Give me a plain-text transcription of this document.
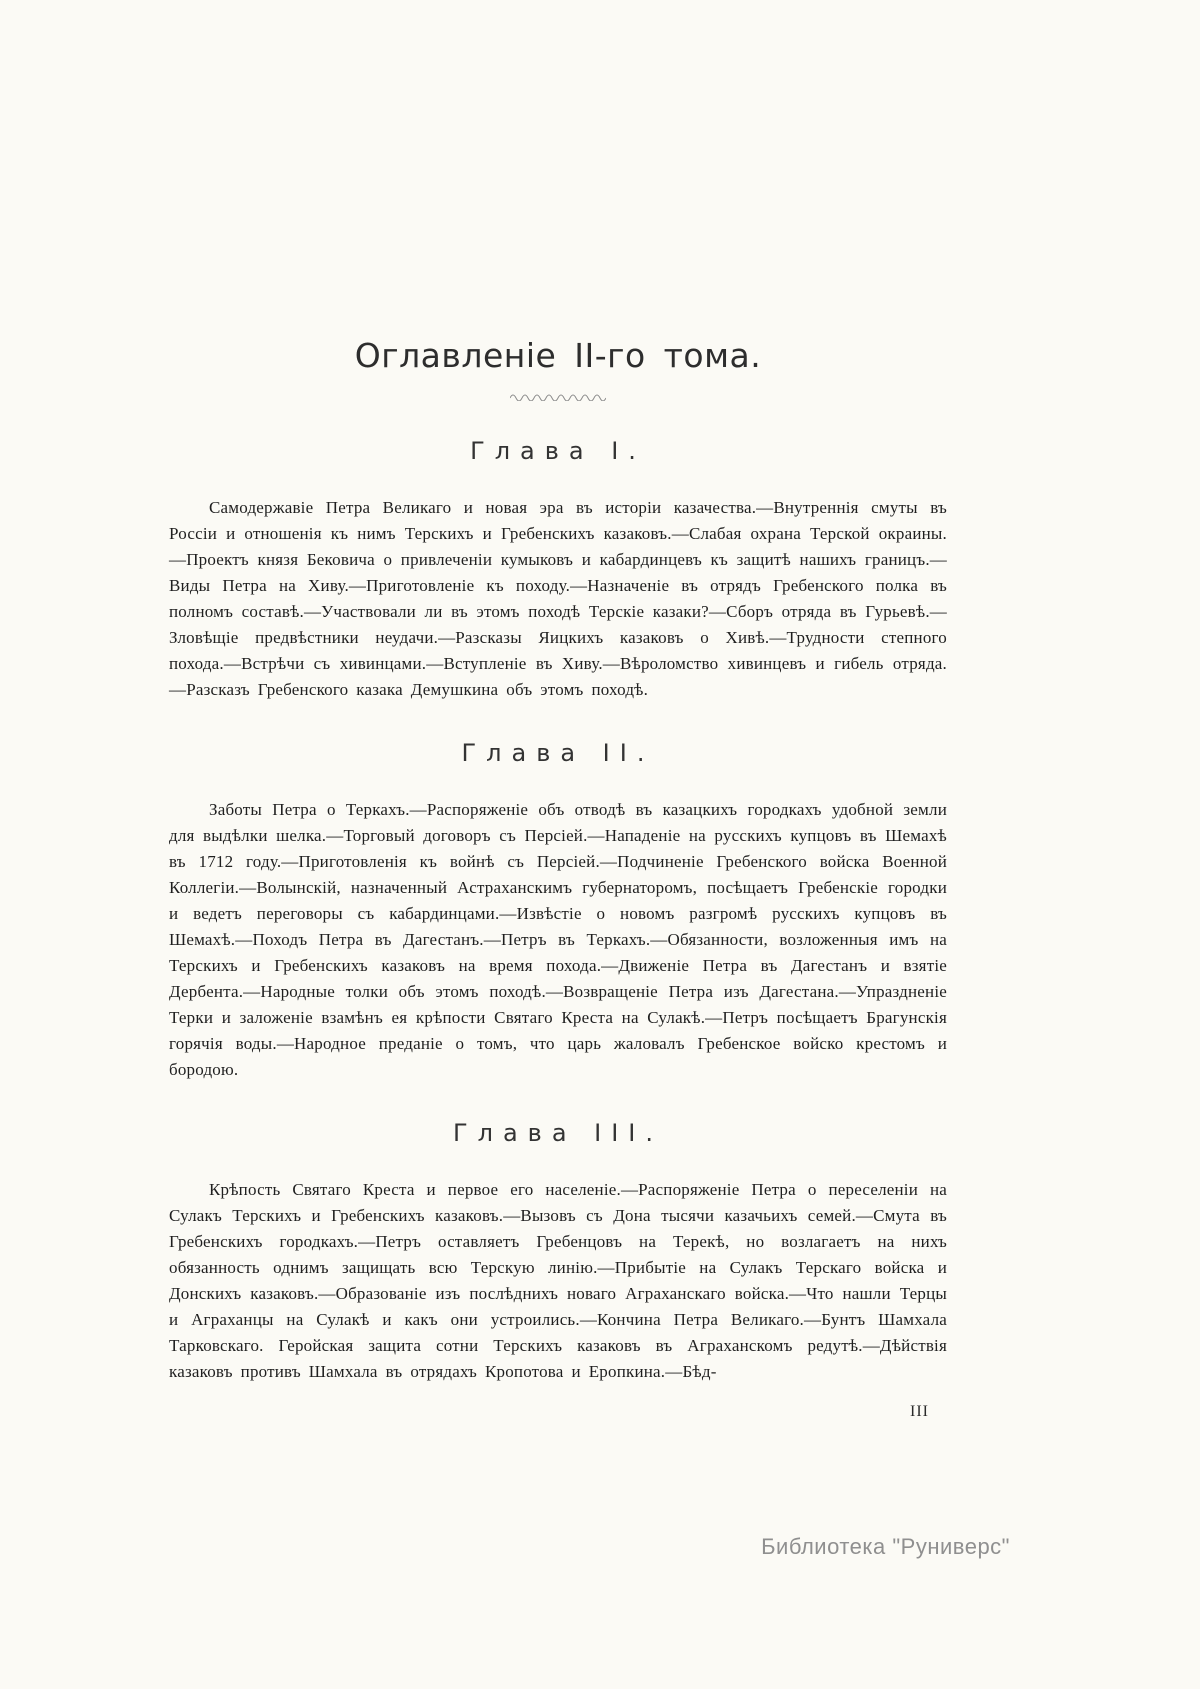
Оглавленіе II-го тома.
Глава I.

Самодержавіе Петра Великаго и новая эра въ исторіи казачества.—Внутреннія смуты въ Россіи и отношенія къ нимъ Терскихъ и Гребенскихъ казаковъ.—Слабая охрана Терской окраины.—Проектъ князя Бековича о привлеченіи кумыковъ и кабардинцевъ къ защитѣ нашихъ границъ.—Виды Петра на Хиву.—Приготовленіе къ походу.—Назначеніе въ отрядъ Гребенского полка въ полномъ составѣ.—Участвовали ли въ этомъ походѣ Терскіе казаки?—Сборъ отряда въ Гурьевѣ.—Зловѣщіе предвѣстники неудачи.—Разсказы Яицкихъ казаковъ о Хивѣ.—Трудности степного похода.—Встрѣчи съ хивинцами.—Вступленіе въ Хиву.—Вѣроломство хивинцевъ и гибель отряда.—Разсказъ Гребенского казака Демушкина объ этомъ походѣ.

Глава II.

Заботы Петра о Теркахъ.—Распоряженіе объ отводѣ въ казацкихъ городкахъ удобной земли для выдѣлки шелка.—Торговый договоръ съ Персіей.—Нападеніе на русскихъ купцовъ въ Шемахѣ въ 1712 году.—Приготовленія къ войнѣ съ Персіей.—Подчиненіе Гребенского войска Военной Коллегіи.—Волынскій, назначенный Астраханскимъ губернаторомъ, посѣщаетъ Гребенскіе городки и ведетъ переговоры съ кабардинцами.—Извѣстіе о новомъ разгромѣ русскихъ купцовъ въ Шемахѣ.—Походъ Петра въ Дагестанъ.—Петръ въ Теркахъ.—Обязанности, возложенныя имъ на Терскихъ и Гребенскихъ казаковъ на время похода.—Движеніе Петра въ Дагестанъ и взятіе Дербента.—Народные толки объ этомъ походѣ.—Возвращеніе Петра изъ Дагестана.—Упраздненіе Терки и заложеніе взамѣнъ ея крѣпости Святаго Креста на Сулакѣ.—Петръ посѣщаетъ Брагунскія горячія воды.—Народное преданіе о томъ, что царь жаловалъ Гребенское войско крестомъ и бородою.

Глава III.

Крѣпость Святаго Креста и первое его населеніе.—Распоряженіе Петра о переселеніи на Сулакъ Терскихъ и Гребенскихъ казаковъ.—Вызовъ съ Дона тысячи казачьихъ семей.—Смута въ Гребенскихъ городкахъ.—Петръ оставляетъ Гребенцовъ на Терекѣ, но возлагаетъ на нихъ обязанность однимъ защищать всю Терскую линію.—Прибытіе на Сулакъ Терскаго войска и Донскихъ казаковъ.—Образованіе изъ послѣднихъ новаго Аграханскаго войска.—Что нашли Терцы и Аграханцы на Сулакѣ и какъ они устроились.—Кончина Петра Великаго.—Бунтъ Шамхала Тарковскаго. Геройская защита сотни Терскихъ казаковъ въ Аграханскомъ редутѣ.—Дѣйствія казаковъ противъ Шамхала въ отрядахъ Кропотова и Еропкина.—Бѣд-

III
Библиотека "Руниверс"
